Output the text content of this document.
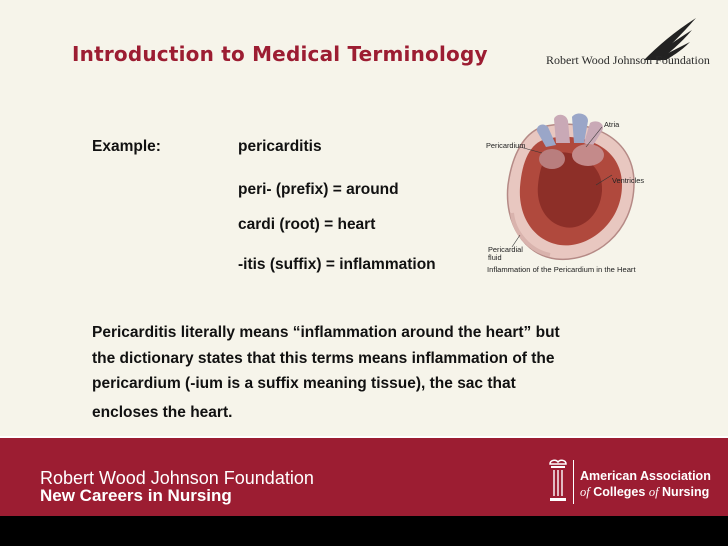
Introduction to Medical Terminology	Robert Wood Johnson Foundation
Example:	pericarditis
peri- (prefix) = around
cardi (root) = heart
-itis (suffix) = inflammation
Atria
Pericardium
Ventricles
Pericardial
fluid
Inflammation of the Pericardium in the Heart
Pericarditis literally means “inflammation around the heart” but
the dictionary states that this terms means inflammation of the
pericardium (-ium is a suffix meaning tissue), the sac that
encloses the heart.
Robert Wood Johnson Foundation
New Careers in Nursing
American Association
of Colleges of Nursing
